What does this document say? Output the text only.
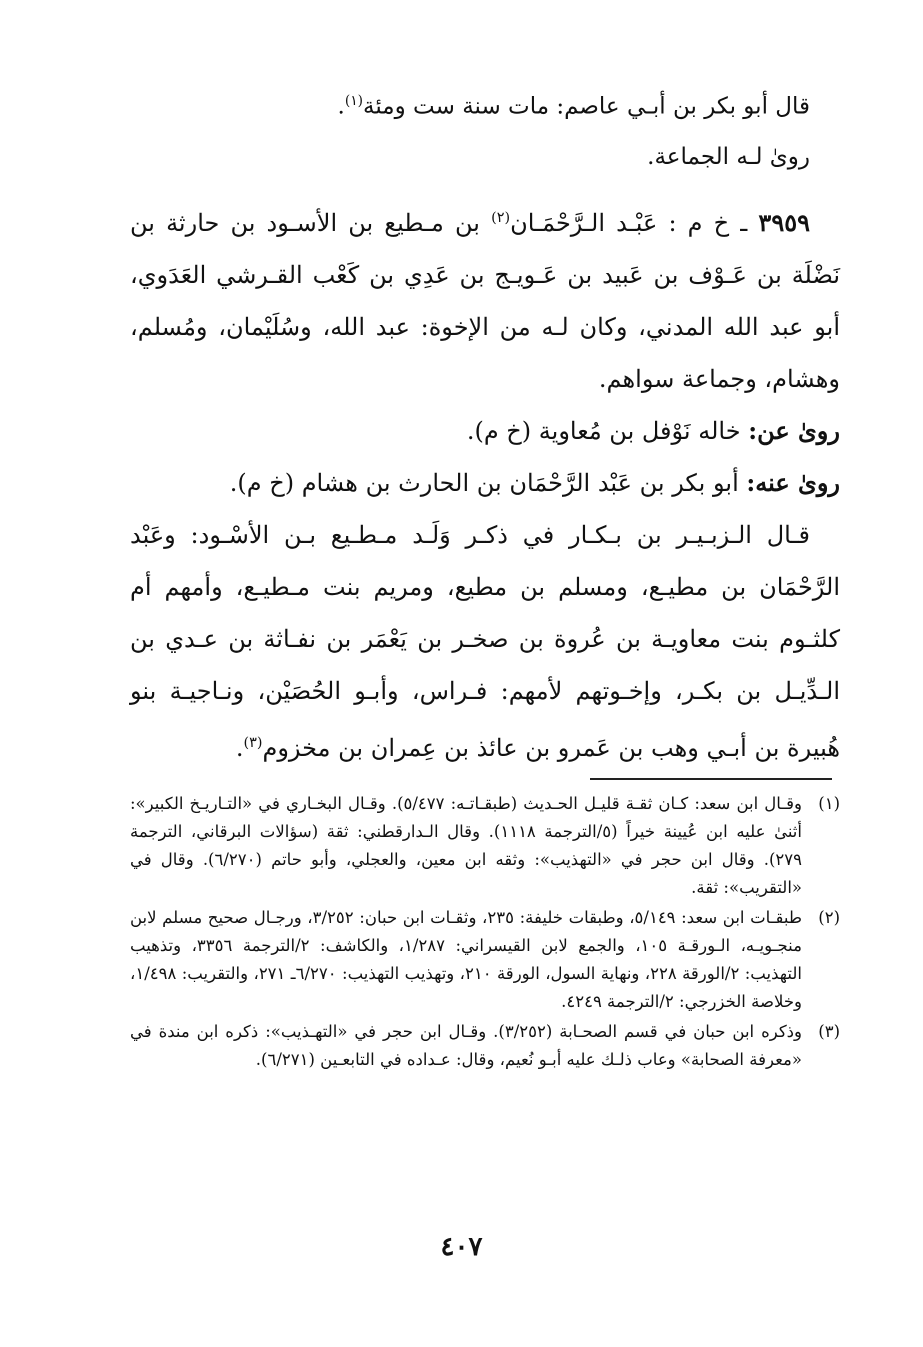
قال أبو بكر بن أبـي عاصم: مات سنة ست ومئة$^{(١)}$.

روىٰ لـه الجماعة.

٣٩٥٩ ـ خ م : عَبْـد الـرَّحْمَـان$^{(٢)}$ بن مـطيع بن الأسـود بن حارثة بن نَضْلَة بن عَـوْف بن عَبيد بن عَـويـج بن عَدِي بن كَعْب القـرشي العَدَوي، أبو عبد الله المدني، وكان لـه من الإخوة: عبد الله، وسُلَيْمان، ومُسلم، وهشام، وجماعة سواهم.

روىٰ عن: خاله نَوْفل بن مُعاوية (خ م).

روىٰ عنه: أبو بكر بن عَبْد الرَّحْمَان بن الحارث بن هشام (خ م).

قـال الـزبـيـر بن بـكـار في ذكـر وَلَـد مـطـيع بـن الأسْـود: وعَبْد الرَّحْمَان بن مطيـع، ومسلم بن مطيع، ومريم بنت مـطيـع، وأمهم أم كلثـوم بنت معاويـة بن عُروة بن صخـر بن يَعْمَر بن نفـاثة بن عـدي بن الـدِّيـل بن بكـر، وإخـوتهم لأمهم: فـراس، وأبـو الحُصَيْن، ونـاجيـة بنو هُبيرة بن أبـي وهب بن عَمرو بن عائذ بن عِمران بن مخزوم$^{(٣)}$.

(١)
وقـال ابن سعد: كـان ثقـة قليـل الحـديث (طبقـاتـه: ٥/٤٧٧). وقـال البخـاري في «التـاريـخ الكبير»: أثنىٰ عليه ابن عُيينة خيراً (٥/الترجمة ١١١٨). وقال الـدارقطني: ثقة (سؤالات البرقاني، الترجمة ٢٧٩). وقال ابن حجر في «التهذيب»: وثقه ابن معين، والعجلي، وأبو حاتم (٦/٢٧٠). وقال في «التقريب»: ثقة.
(٢)
طبقـات ابن سعد: ٥/١٤٩، وطبقات خليفة: ٢٣٥، وثقـات ابن حبان: ٣/٢٥٢، ورجـال صحيح مسلم لابن منجـويـه، الـورقـة ١٠٥، والجمع لابن القيسراني: ١/٢٨٧، والكاشف: ٢/الترجمة ٣٣٥٦، وتذهيب التهذيب: ٢/الورقة ٢٢٨، ونهاية السول، الورقة ٢١٠، وتهذيب التهذيب: ٦/٢٧٠ـ ٢٧١، والتقريب: ١/٤٩٨، وخلاصة الخزرجي: ٢/الترجمة ٤٢٤٩.
(٣)
وذكره ابن حبان في قسم الصحـابة (٣/٢٥٢). وقـال ابن حجر في «التهـذيب»: ذكره ابن مندة في «معرفة الصحابة» وعاب ذلـك عليه أبـو نُعيم، وقال: عـداده في التابعـين (٦/٢٧١).
٤٠٧
